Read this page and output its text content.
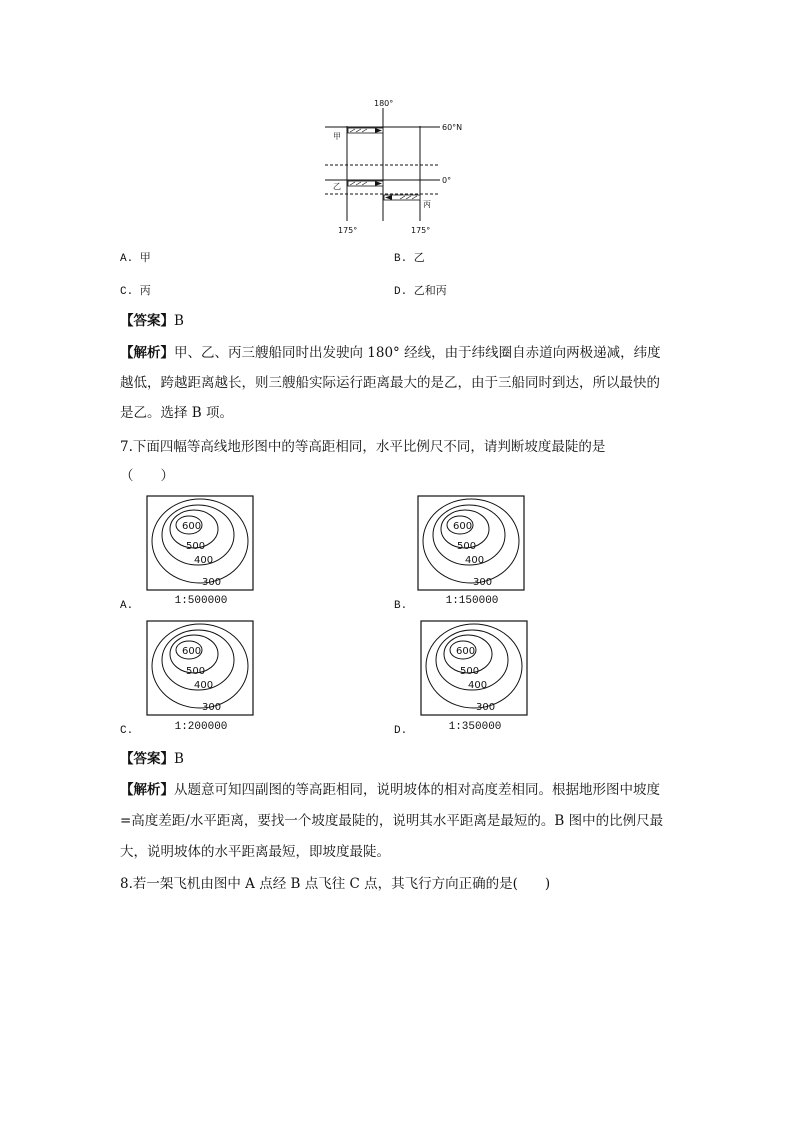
180°
60°N
0°
175°	175°
甲
乙
丙
A. 甲	B. 乙
C. 丙	D. 乙和丙
【答案】B
【解析】甲、乙、丙三艘船同时出发驶向 180° 经线，由于纬线圈自赤道向两极递减，纬度
越低，跨越距离越长，则三艘船实际运行距离最大的是乙，由于三船同时到达，所以最快的
是乙。选择 B 项。
7.下面四幅等高线地形图中的等高距相同，水平比例尺不同，请判断坡度最陡的是
（　　）
600
500
400
300
A.	1:500000
600
500
400
300
B.	1:150000
600
500
400
300
C.	1:200000
600
500
400
300
D.	1:350000
【答案】B
【解析】从题意可知四副图的等高距相同，说明坡体的相对高度差相同。根据地形图中坡度
=高度差距/水平距离，要找一个坡度最陡的，说明其水平距离是最短的。B 图中的比例尺最
大，说明坡体的水平距离最短，即坡度最陡。
8.若一架飞机由图中 A 点经 B 点飞往 C 点，其飞行方向正确的是(　　)
